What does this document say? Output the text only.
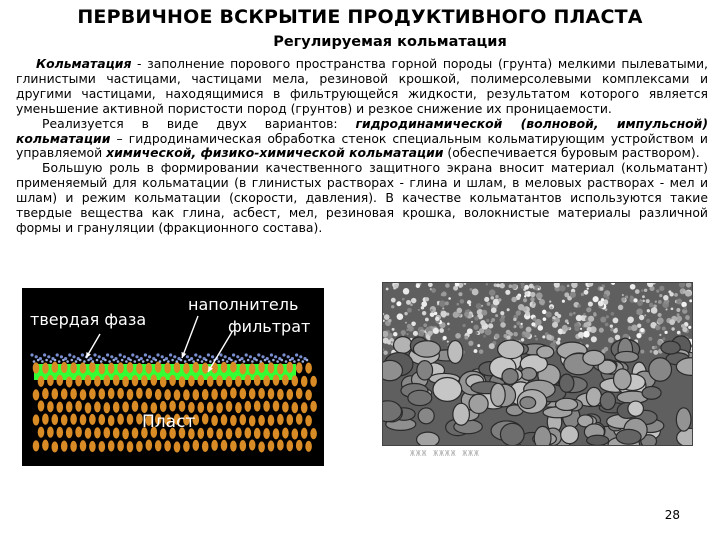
ПЕРВИЧНОЕ ВСКРЫТИЕ ПРОДУКТИВНОГО ПЛАСТА
Регулируемая кольматация

Кольматация - заполнение порового пространства горной породы (грунта) мелкими пылеватыми, глинистыми частицами, частицами мела, резиновой крошкой, полимерсолевыми комплексами и другими частицами, находящимися в фильтрующейся жидкости, результатом которого является уменьшение активной пористости пород (грунтов) и резкое снижение их проницаемости.

Реализуется в виде двух вариантов: гидродинамической (волновой, импульсной) кольматации – гидродинамическая обработка стенок специальным кольматирующим устройством и управляемой химической, физико-химической кольматации (обеспечивается буровым раствором).

Большую роль в формировании качественного защитного экрана вносит материал (кольматант) применяемый для кольматации (в глинистых растворах - глина и шлам, в меловых растворах - мел и шлам) и режим кольматации (скорости, давления). В качестве кольматантов используются такие твердые вещества как глина, асбест, мел, резиновая крошка, волокнистые материалы различной формы и грануляции (фракционного состава).

твердая фаза
наполнитель
фильтрат
Пласт
ЖЖЖ ЖЖЖЖ ЖЖЖ
28
